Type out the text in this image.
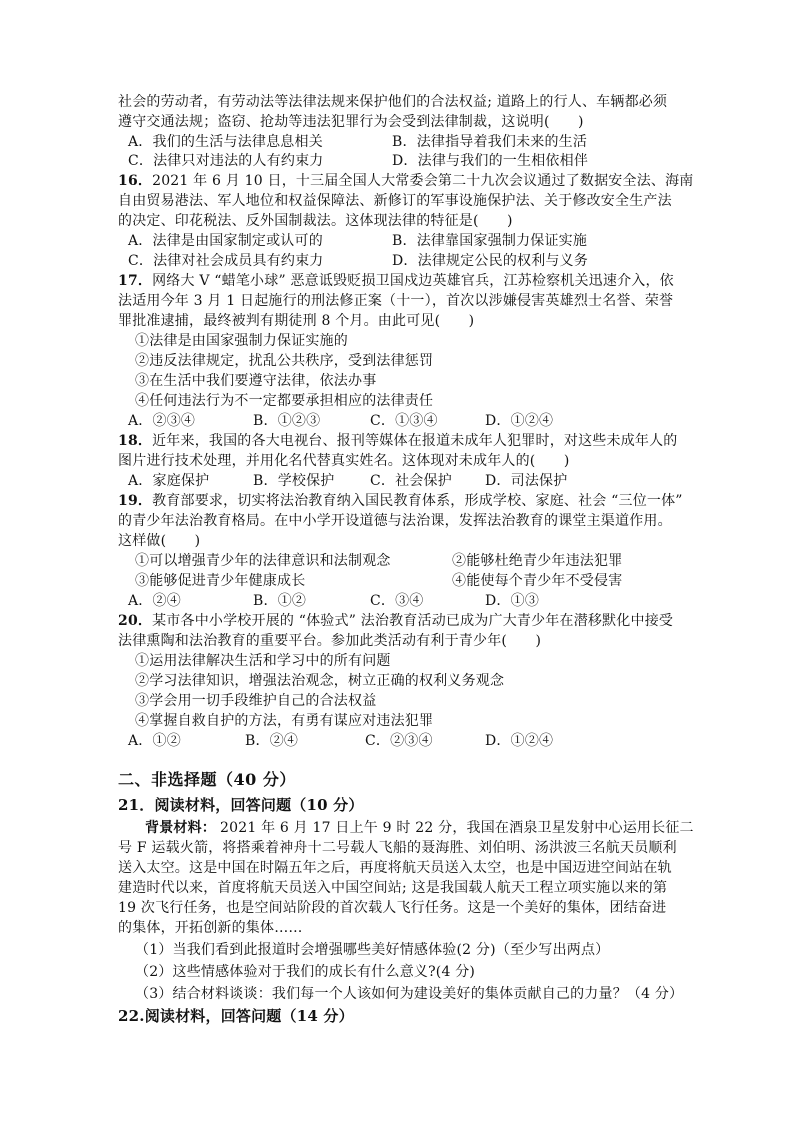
社会的劳动者，有劳动法等法律法规来保护他们的合法权益; 道路上的行人、车辆都必须
遵守交通法规；盗窃、抢劫等违法犯罪行为会受到法律制裁，这说明(　　)
A．我们的生活与法律息息相关	B．法律指导着我们未来的生活
C．法律只对违法的人有约束力	D．法律与我们的一生相依相伴
16．2021 年 6 月 10 日，十三届全国人大常委会第二十九次会议通过了数据安全法、海南
自由贸易港法、军人地位和权益保障法、新修订的军事设施保护法、关于修改安全生产法
的决定、印花税法、反外国制裁法。这体现法律的特征是(　　)
A．法律是由国家制定或认可的	B．法律靠国家强制力保证实施
C．法律对社会成员具有约束力	D．法律规定公民的权利与义务
17．网络大 V “蜡笔小球” 恶意诋毁贬损卫国戍边英雄官兵，江苏检察机关迅速介入，依
法适用今年 3 月 1 日起施行的刑法修正案（十一），首次以涉嫌侵害英雄烈士名誉、荣誉
罪批准逮捕，最终被判有期徒刑 8 个月。由此可见(　　)
①法律是由国家强制力保证实施的
②违反法律规定，扰乱公共秩序，受到法律惩罚
③在生活中我们要遵守法律，依法办事
④任何违法行为不一定都要承担相应的法律责任
A．②③④	B．①②③	C．①③④	D．①②④
18．近年来，我国的各大电视台、报刊等媒体在报道未成年人犯罪时，对这些未成年人的
图片进行技术处理，并用化名代替真实姓名。这体现对未成年人的(　　)
A．家庭保护	B．学校保护	C．社会保护 D．司法保护
19．教育部要求，切实将法治教育纳入国民教育体系，形成学校、家庭、社会 “三位一体”
的青少年法治教育格局。在中小学开设道德与法治课，发挥法治教育的课堂主渠道作用。
这样做(　　)
①可以增强青少年的法律意识和法制观念	②能够杜绝青少年违法犯罪
③能够促进青少年健康成长	④能使每个青少年不受侵害
A．②④	B．①②	C．③④	D．①③
20．某市各中小学校开展的 “体验式” 法治教育活动已成为广大青少年在潜移默化中接受
法律熏陶和法治教育的重要平台。参加此类活动有利于青少年(　　)
①运用法律解决生活和学习中的所有问题
②学习法律知识，增强法治观念，树立正确的权利义务观念
③学会用一切手段维护自己的合法权益
④掌握自救自护的方法，有勇有谋应对违法犯罪
A．①②	B．②④	C．②③④	D．①②④
二、非选择题（40 分）
21．阅读材料，回答问题（10 分）
背景材料： 2021 年 6 月 17 日上午 9 时 22 分，我国在酒泉卫星发射中心运用长征二
号 F 运载火箭，将搭乘着神舟十二号载人飞船的聂海胜、刘伯明、汤洪波三名航天员顺利
送入太空。这是中国在时隔五年之后，再度将航天员送入太空，也是中国迈进空间站在轨
建造时代以来，首度将航天员送入中国空间站; 这是我国载人航天工程立项实施以来的第
19 次飞行任务，也是空间站阶段的首次载人飞行任务。这是一个美好的集体，团结奋进
的集体，开拓创新的集体……
（1）当我们看到此报道时会增强哪些美好情感体验(2 分)（至少写出两点）
（2）这些情感体验对于我们的成长有什么意义?(4 分)
（3）结合材料谈谈：我们每一个人该如何为建设美好的集体贡献自己的力量？（4 分）
22.阅读材料，回答问题（14 分）
